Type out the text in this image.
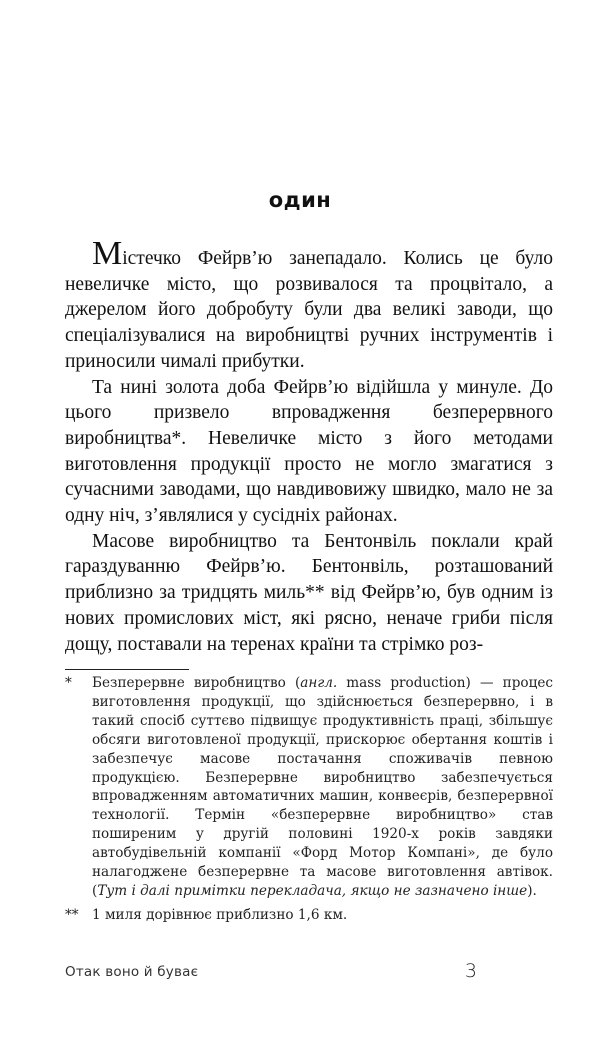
один

Містечко Фейрв’ю занепадало. Колись це було невеличке місто, що розвивалося та процвітало, а джерелом його добробуту були два великі заводи, що спеціалізувалися на виробництві ручних інструментів і приносили чималі прибутки.

Та нині золота доба Фейрв’ю відійшла у минуле. До цього призвело впровадження безперервного виробництва*. Невеличке місто з його методами виготовлення продукції просто не могло змагатися з сучасними заводами, що навдивовижу швидко, мало не за одну ніч, з’являлися у сусідніх районах.

Масове виробництво та Бентонвіль поклали край гараздуванню Фейрв’ю. Бентонвіль, розташований приблизно за тридцять миль** від Фейрв’ю, був одним із нових промислових міст, які рясно, неначе гриби після дощу, поставали на теренах країни та стрімко роз-

* Безперервне виробництво (англ. mass production) — процес виготовлення продукції, що здійснюється безперервно, і в такий спосіб суттєво підвищує продуктивність праці, збільшує обсяги виготовленої продукції, прискорює обертання коштів і забезпечує масове постачання споживачів певною продукцією. Безперервне виробництво забезпечується впровадженням автоматичних машин, конвеєрів, безперервної технології. Термін «безперервне виробництво» став поширеним у другій половині 1920-х років завдяки автобудівельній компанії «Форд Мотор Компані», де було налагоджене безперервне та масове виготовлення автівок. (Тут і далі примітки перекладача, якщо не зазначено інше).
** 1 миля дорівнює приблизно 1,6 км.
Отак воно й буває	3
